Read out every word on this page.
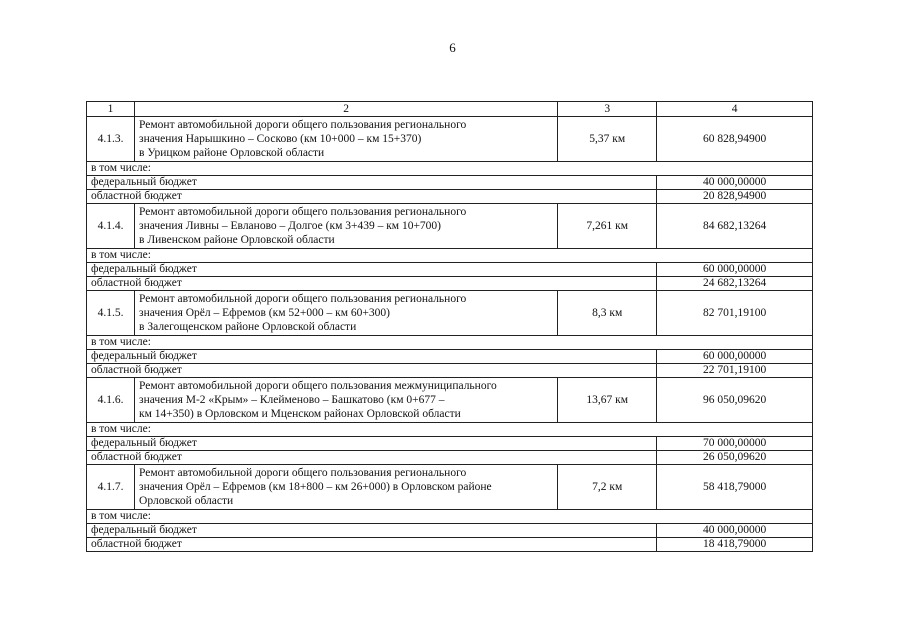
6
1	2	3	4
4.1.3.	Ремонт автомобильной дороги общего пользования регионального
значения Нарышкино – Сосково (км 10+000 – км 15+370)
в Урицком районе Орловской области	5,37 км	60 828,94900
в том числе:			
федеральный бюджет			40 000,00000
областной бюджет			20 828,94900
4.1.4.	Ремонт автомобильной дороги общего пользования регионального
значения Ливны – Евланово – Долгое (км 3+439 – км 10+700)
в Ливенском районе Орловской области	7,261 км	84 682,13264
в том числе:			
федеральный бюджет			60 000,00000
областной бюджет			24 682,13264
4.1.5.	Ремонт автомобильной дороги общего пользования регионального
значения Орёл – Ефремов (км 52+000 – км 60+300)
в Залегощенском районе Орловской области	8,3 км	82 701,19100
в том числе:			
федеральный бюджет			60 000,00000
областной бюджет			22 701,19100
4.1.6.	Ремонт автомобильной дороги общего пользования межмуниципального
значения М-2 «Крым» – Клейменово – Башкатово (км 0+677 –
км 14+350) в Орловском и Мценском районах Орловской области	13,67 км	96 050,09620
в том числе:			
федеральный бюджет			70 000,00000
областной бюджет			26 050,09620
4.1.7.	Ремонт автомобильной дороги общего пользования регионального
значения Орёл – Ефремов (км 18+800 – км 26+000) в Орловском районе
Орловской области	7,2 км	58 418,79000
в том числе:			
федеральный бюджет			40 000,00000
областной бюджет			18 418,79000
